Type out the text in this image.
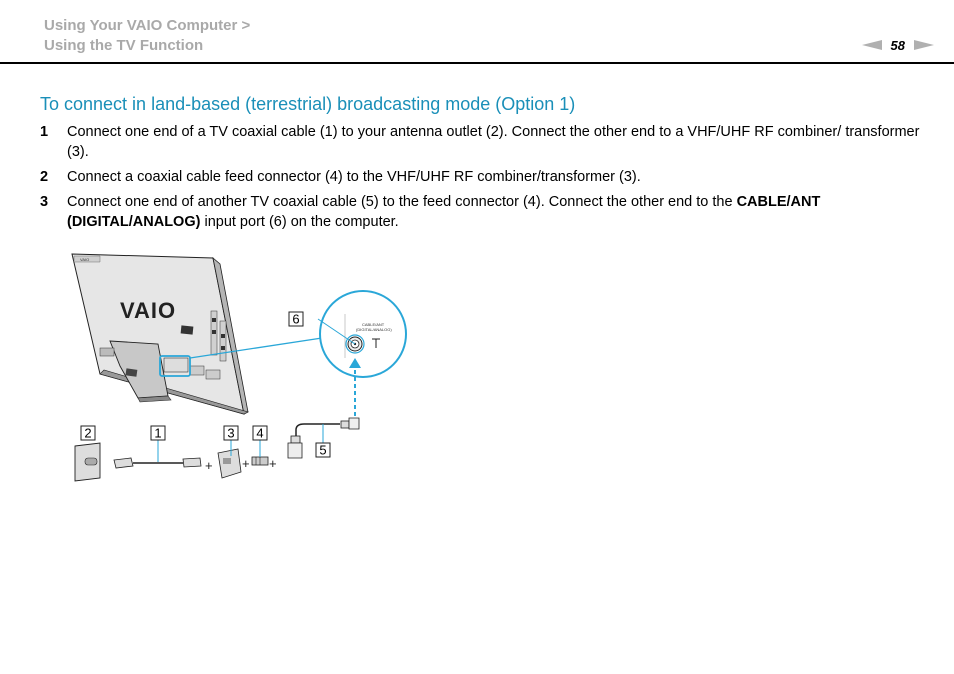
Using Your VAIO Computer >
Using the TV Function	58
To connect in land-based (terrestrial) broadcasting mode (Option 1)
1 Connect one end of a TV coaxial cable (1) to your antenna outlet (2). Connect the other end to a VHF/UHF RF combiner/ transformer (3).
2 Connect a coaxial cable feed connector (4) to the VHF/UHF RF combiner/transformer (3).
3 Connect one end of another TV coaxial cable (5) to the feed connector (4). Connect the other end to the CABLE/ANT (DIGITAL/ANALOG) input port (6) on the computer.
VAIO
VAIO
CABLE/ANT
(DIGITAL/ANALOG)
6
5
2
+
1
+
3
+
4
